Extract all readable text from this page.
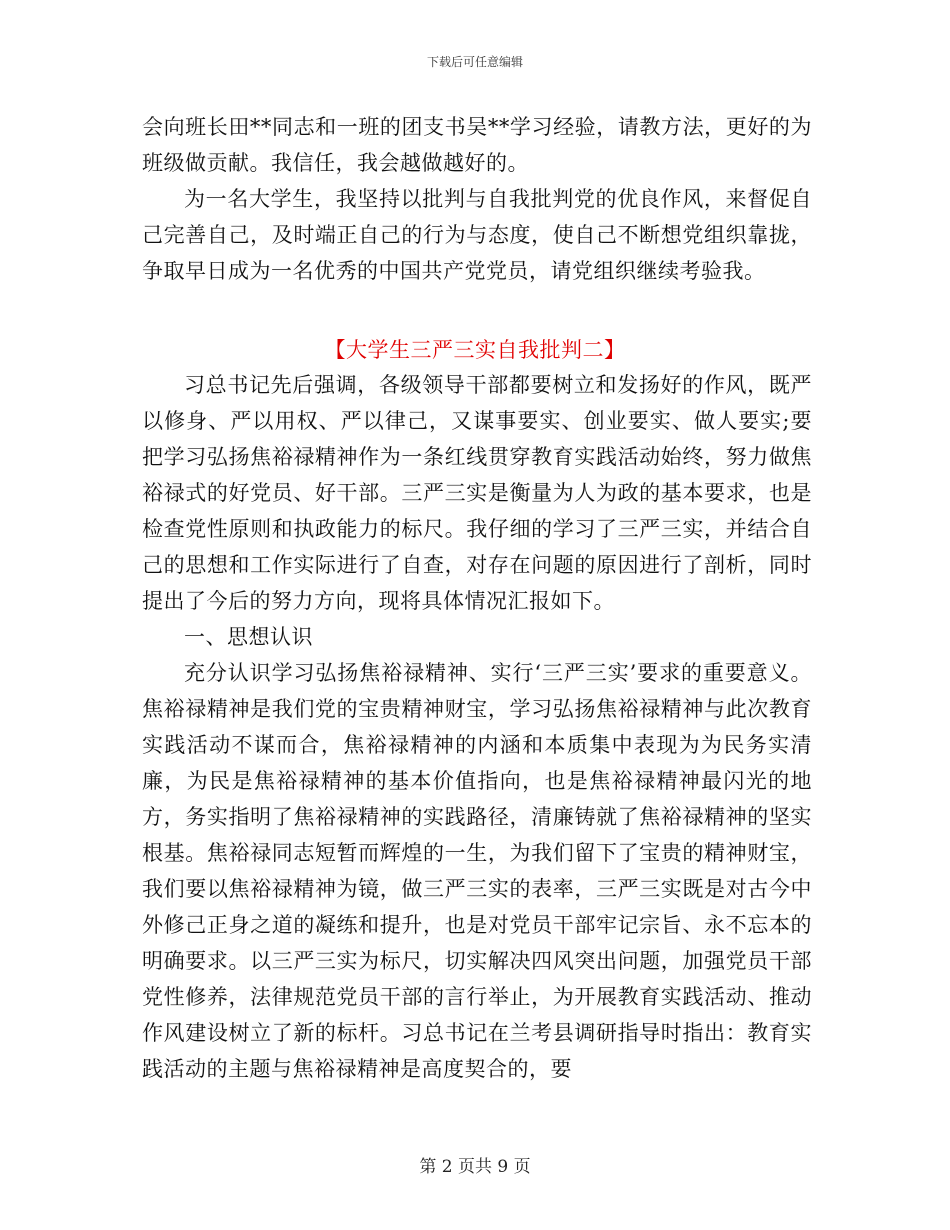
下载后可任意编辑

会向班长田**同志和一班的团支书吴**学习经验，请教方法，更好的为班级做贡献。我信任，我会越做越好的。

为一名大学生，我坚持以批判与自我批判党的优良作风，来督促自己完善自己，及时端正自己的行为与态度，使自己不断想党组织靠拢，争取早日成为一名优秀的中国共产党党员，请党组织继续考验我。

【大学生三严三实自我批判二】

习总书记先后强调，各级领导干部都要树立和发扬好的作风，既严以修身、严以用权、严以律己，又谋事要实、创业要实、做人要实;要把学习弘扬焦裕禄精神作为一条红线贯穿教育实践活动始终，努力做焦裕禄式的好党员、好干部。三严三实是衡量为人为政的基本要求，也是检查党性原则和执政能力的标尺。我仔细的学习了三严三实，并结合自己的思想和工作实际进行了自查，对存在问题的原因进行了剖析，同时提出了今后的努力方向，现将具体情况汇报如下。

一、思想认识

充分认识学习弘扬焦裕禄精神、实行‘三严三实’要求的重要意义。焦裕禄精神是我们党的宝贵精神财宝，学习弘扬焦裕禄精神与此次教育实践活动不谋而合，焦裕禄精神的内涵和本质集中表现为为民务实清廉，为民是焦裕禄精神的基本价值指向，也是焦裕禄精神最闪光的地方，务实指明了焦裕禄精神的实践路径，清廉铸就了焦裕禄精神的坚实根基。焦裕禄同志短暂而辉煌的一生，为我们留下了宝贵的精神财宝，我们要以焦裕禄精神为镜，做三严三实的表率，三严三实既是对古今中外修己正身之道的凝练和提升，也是对党员干部牢记宗旨、永不忘本的明确要求。以三严三实为标尺，切实解决四风突出问题，加强党员干部党性修养，法律规范党员干部的言行举止，为开展教育实践活动、推动作风建设树立了新的标杆。习总书记在兰考县调研指导时指出：教育实践活动的主题与焦裕禄精神是高度契合的，要

第 2 页共 9 页
